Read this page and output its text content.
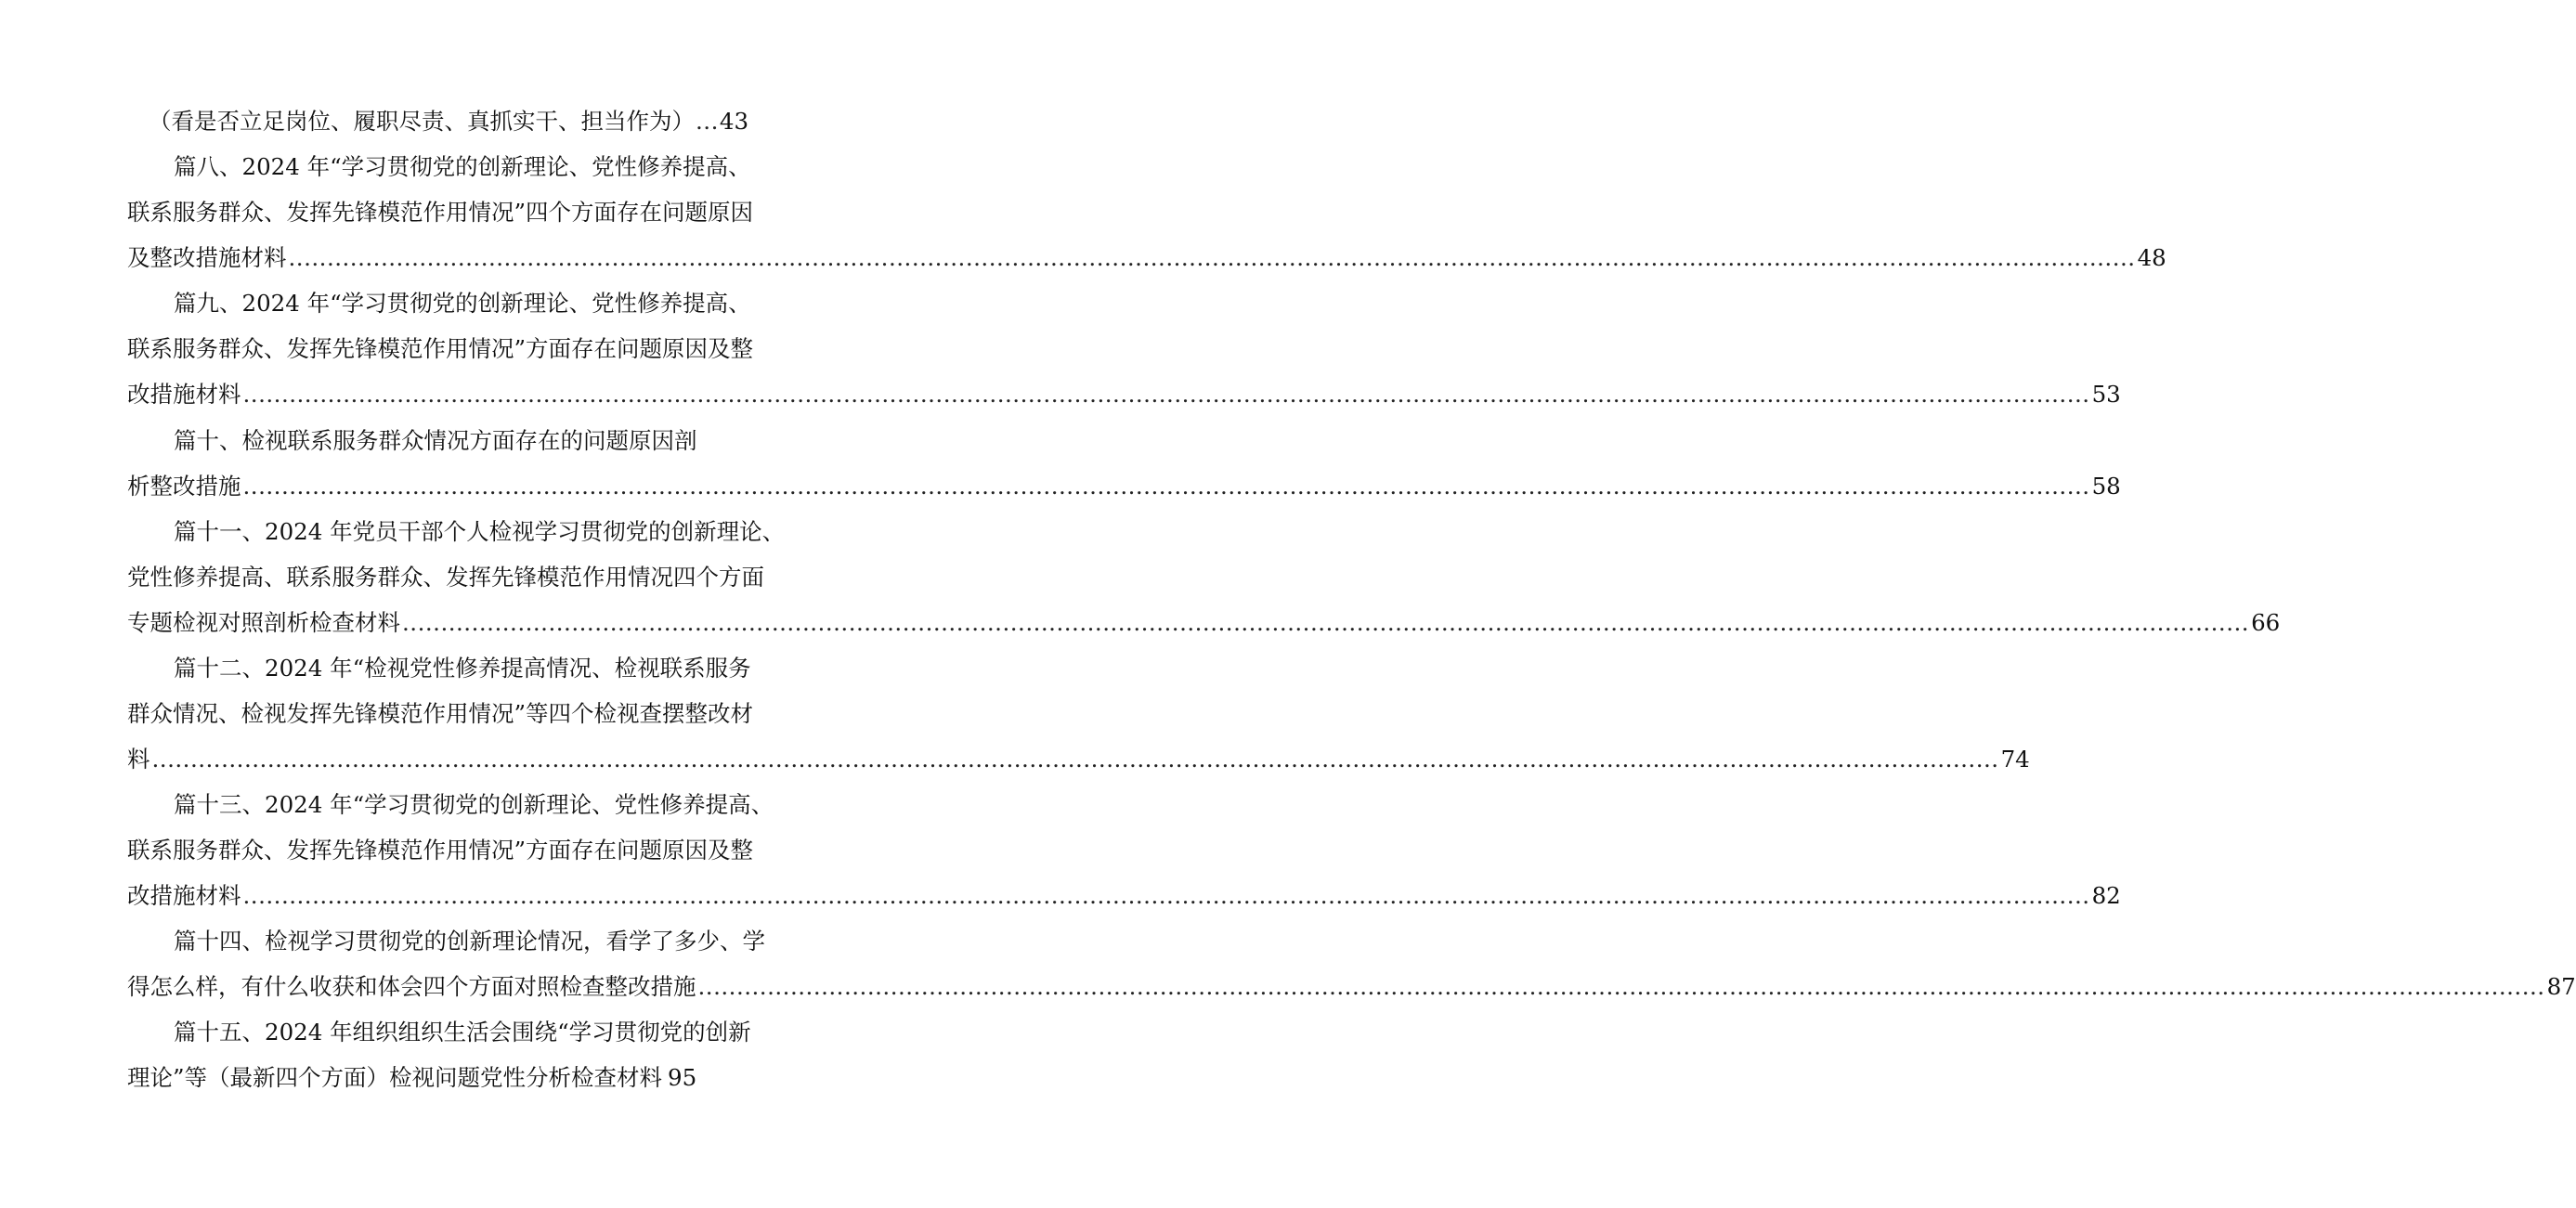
（看是否立足岗位、履职尽责、真抓实干、担当作为） ... 43
篇八、2024 年“学习贯彻党的创新理论、党性修养提高、
联系服务群众、发挥先锋模范作用情况”四个方面存在问题原因
及整改措施材料 .....	48
篇九、2024 年“学习贯彻党的创新理论、党性修养提高、
联系服务群众、发挥先锋模范作用情况”方面存在问题原因及整
改措施材料 .....	53
篇十、检视联系服务群众情况方面存在的问题原因剖
析整改措施 .....	58
篇十一、2024 年党员干部个人检视学习贯彻党的创新理论、
党性修养提高、联系服务群众、发挥先锋模范作用情况四个方面
专题检视对照剖析检查材料 .....	66
篇十二、2024 年“检视党性修养提高情况、检视联系服务
群众情况、检视发挥先锋模范作用情况”等四个检视查摆整改材
料 .....	74
篇十三、2024 年“学习贯彻党的创新理论、党性修养提高、
联系服务群众、发挥先锋模范作用情况”方面存在问题原因及整
改措施材料 .....	82
篇十四、检视学习贯彻党的创新理论情况，看学了多少、学
得怎么样，有什么收获和体会四个方面对照检查整改措施 .....	87
篇十五、2024 年组织组织生活会围绕“学习贯彻党的创新
理论”等（最新四个方面）检视问题党性分析检查材料 95
